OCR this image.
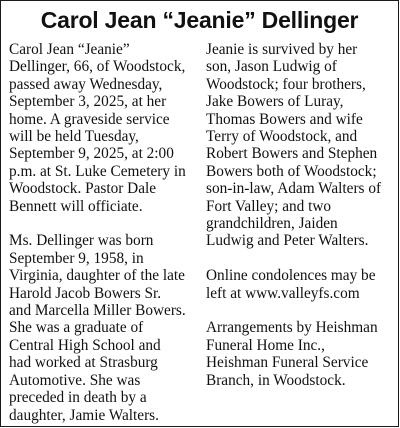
Carol Jean “Jeanie” Dellinger

Carol Jean “Jeanie”
Dellinger, 66, of Woodstock,
passed away Wednesday,
September 3, 2025, at her
home. A graveside service
will be held Tuesday,
September 9, 2025, at 2:00
p.m. at St. Luke Cemetery in
Woodstock. Pastor Dale
Bennett will officiate.

Ms. Dellinger was born
September 9, 1958, in
Virginia, daughter of the late
Harold Jacob Bowers Sr.
and Marcella Miller Bowers.
She was a graduate of
Central High School and
had worked at Strasburg
Automotive. She was
preceded in death by a
daughter, Jamie Walters.

Jeanie is survived by her
son, Jason Ludwig of
Woodstock; four brothers,
Jake Bowers of Luray,
Thomas Bowers and wife
Terry of Woodstock, and
Robert Bowers and Stephen
Bowers both of Woodstock;
son-in-law, Adam Walters of
Fort Valley; and two
grandchildren, Jaiden
Ludwig and Peter Walters.

Online condolences may be
left at www.valleyfs.com

Arrangements by Heishman
Funeral Home Inc.,
Heishman Funeral Service
Branch, in Woodstock.
